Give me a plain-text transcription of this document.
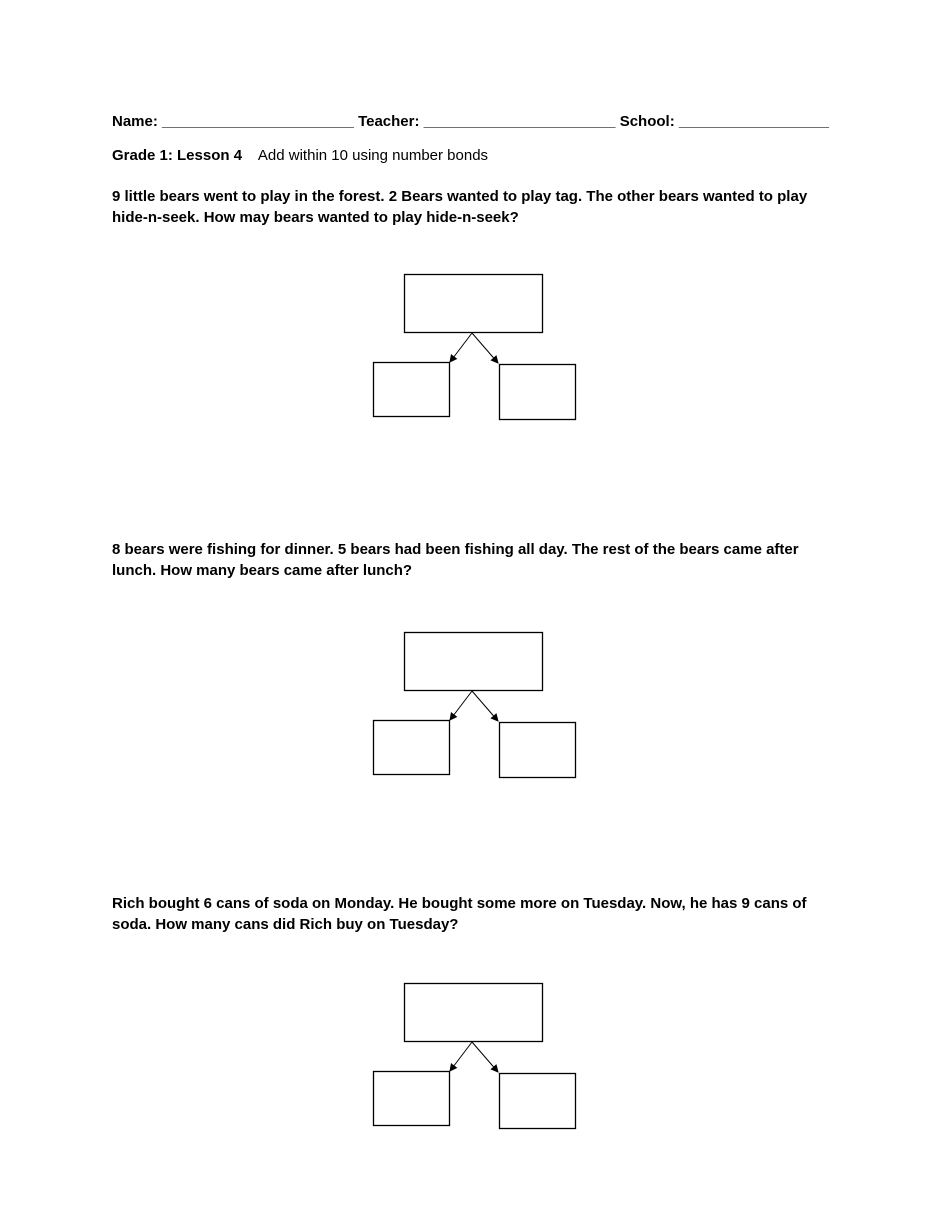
Name: _______________________ Teacher: _______________________ School: __________________

Grade 1: Lesson 4 Add within 10 using number bonds

9 little bears went to play in the forest. 2 Bears wanted to play tag. The other bears wanted to play hide-n-seek. How may bears wanted to play hide-n-seek?

8 bears were fishing for dinner. 5 bears had been fishing all day. The rest of the bears came after lunch. How many bears came after lunch?

Rich bought 6 cans of soda on Monday. He bought some more on Tuesday. Now, he has 9 cans of soda. How many cans did Rich buy on Tuesday?
